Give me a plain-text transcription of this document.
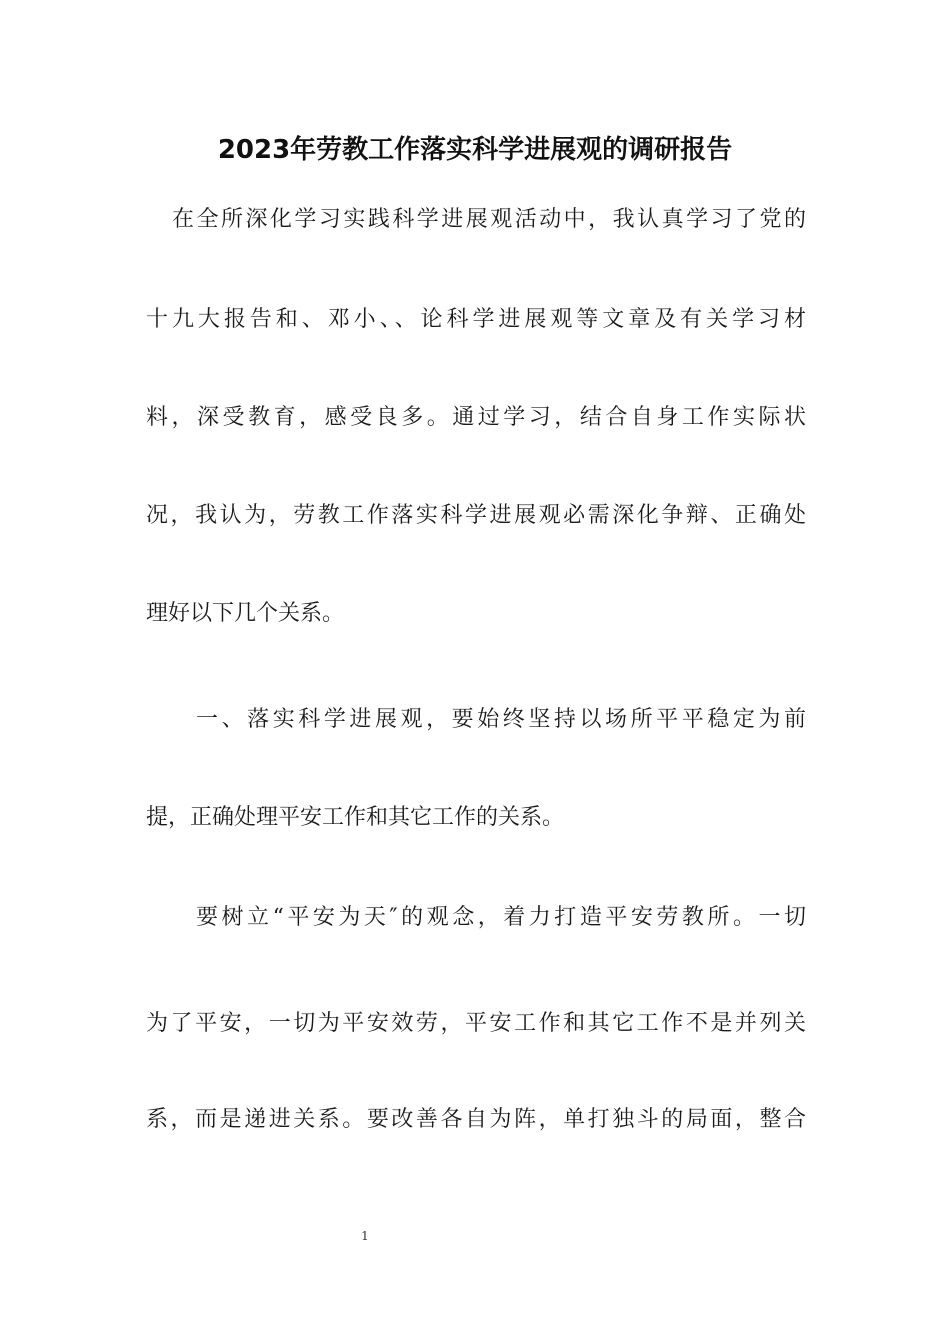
2023年劳教工作落实科学进展观的调研报告

在全所深化学习实践科学进展观活动中，我认真学习了党的

十九大报告和、邓小、、论科学进展观等文章及有关学习材

料，深受教育，感受良多。通过学习，结合自身工作实际状

况，我认为，劳教工作落实科学进展观必需深化争辩、正确处

理好以下几个关系。

一、落实科学进展观，要始终坚持以场所平平稳定为前

提，正确处理平安工作和其它工作的关系。

要树立“平安为天″的观念，着力打造平安劳教所。一切

为了平安，一切为平安效劳，平安工作和其它工作不是并列关

系，而是递进关系。要改善各自为阵，单打独斗的局面，整合

1
